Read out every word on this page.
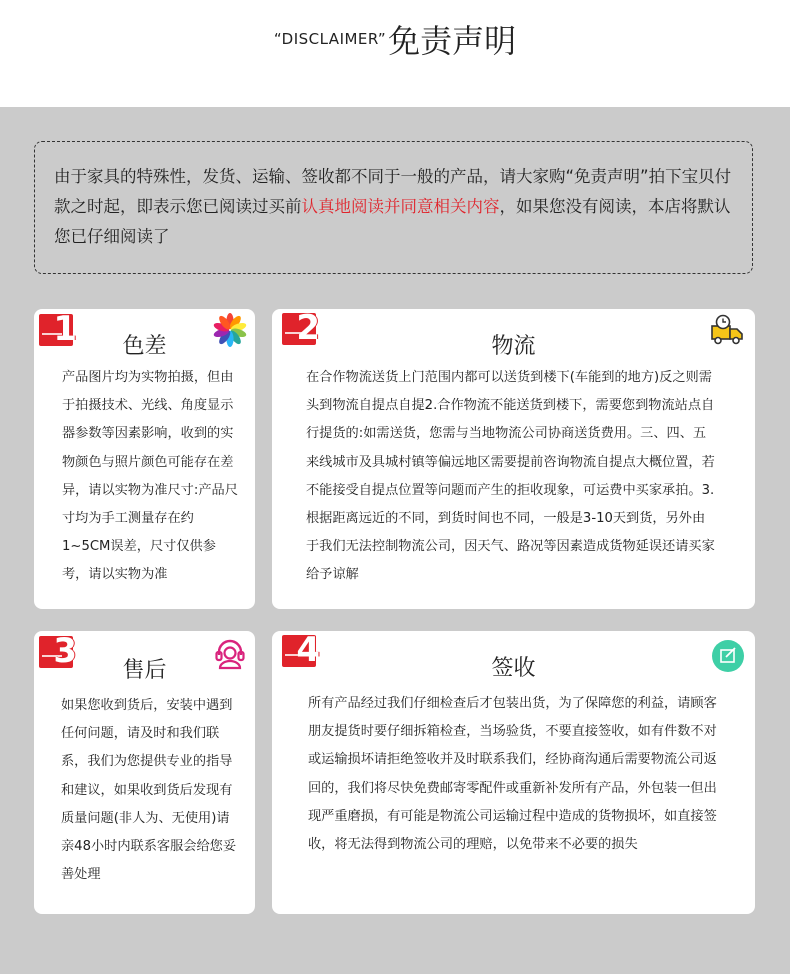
“DISCLAIMER”免责声明
由于家具的特殊性，发货、运输、签收都不同于一般的产品，请大家购“免责声明”拍下宝贝付款之时起，即表示您已阅读过买前认真地阅读并同意相关内容，如果您没有阅读，本店将默认您已仔细阅读了
1	色差
产品图片均为实物拍摄，但由于拍摄技术、光线、角度显示器参数等因素影响，收到的实物颜色与照片颜色可能存在差异，请以实物为准尺寸:产品尺寸均为手工测量存在约1~5CM误差，尺寸仅供参考，请以实物为准
2	物流
在合作物流送货上门范围内都可以送货到楼下(车能到的地方)反之则需头到物流自提点自提2.合作物流不能送货到楼下，需要您到物流站点自行提货的:如需送货，您需与当地物流公司协商送货费用。三、四、五来线城市及具城村镇等偏远地区需要提前咨询物流自提点大概位置，若不能接受自提点位置等问题而产生的拒收现象，可运费中买家承拍。3.根据距离远近的不同，到货时间也不同，一般是3-10天到货，另外由于我们无法控制物流公司，因天气、路况等因素造成货物延误还请买家给予谅解
3	售后
如果您收到货后，安装中遇到任何问题，请及时和我们联系，我们为您提供专业的指导和建议，如果收到货后发现有质量问题(非人为、无使用)请亲48小时内联系客服会给您妥善处理
4	签收
所有产品经过我们仔细检查后才包装出货，为了保障您的利益，请顾客朋友提货时要仔细拆箱检查，当场验货，不要直接签收，如有件数不对或运输损坏请拒绝签收并及时联系我们，经协商沟通后需要物流公司返回的，我们将尽快免费邮寄零配件或重新补发所有产品，外包装一但出现严重磨损，有可能是物流公司运输过程中造成的货物损坏，如直接签收，将无法得到物流公司的理赔，以免带来不必要的损失
